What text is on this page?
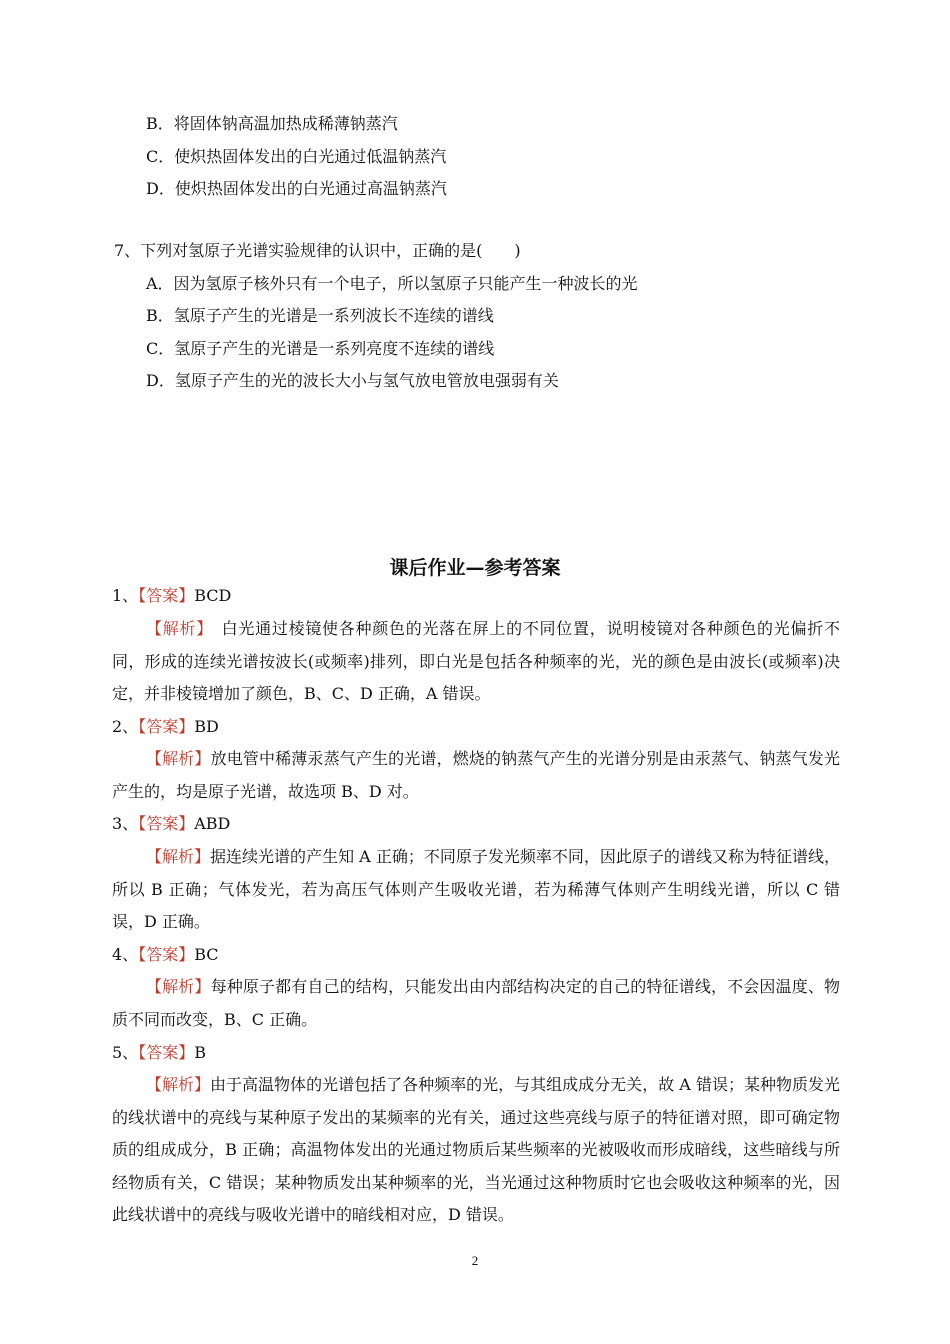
B．将固体钠高温加热成稀薄钠蒸汽
C．使炽热固体发出的白光通过低温钠蒸汽
D．使炽热固体发出的白光通过高温钠蒸汽
7、下列对氢原子光谱实验规律的认识中，正确的是(　　)
A．因为氢原子核外只有一个电子，所以氢原子只能产生一种波长的光
B．氢原子产生的光谱是一系列波长不连续的谱线
C．氢原子产生的光谱是一系列亮度不连续的谱线
D．氢原子产生的光的波长大小与氢气放电管放电强弱有关
课后作业—参考答案
1、【答案】BCD
【解析】　白光通过棱镜使各种颜色的光落在屏上的不同位置，说明棱镜对各种颜色的光偏折不同，形成的连续光谱按波长(或频率)排列，即白光是包括各种频率的光，光的颜色是由波长(或频率)决定，并非棱镜增加了颜色，B、C、D 正确，A 错误。
2、【答案】BD
【解析】放电管中稀薄汞蒸气产生的光谱，燃烧的钠蒸气产生的光谱分别是由汞蒸气、钠蒸气发光产生的，均是原子光谱，故选项 B、D 对。
3、【答案】ABD
【解析】据连续光谱的产生知 A 正确；不同原子发光频率不同，因此原子的谱线又称为特征谱线，所以 B 正确；气体发光，若为高压气体则产生吸收光谱，若为稀薄气体则产生明线光谱，所以 C 错误，D 正确。
4、【答案】BC
【解析】每种原子都有自己的结构，只能发出由内部结构决定的自己的特征谱线，不会因温度、物质不同而改变，B、C 正确。
5、【答案】B
【解析】由于高温物体的光谱包括了各种频率的光，与其组成成分无关，故 A 错误；某种物质发光的线状谱中的亮线与某种原子发出的某频率的光有关，通过这些亮线与原子的特征谱对照，即可确定物质的组成成分，B 正确；高温物体发出的光通过物质后某些频率的光被吸收而形成暗线，这些暗线与所经物质有关，C 错误；某种物质发出某种频率的光，当光通过这种物质时它也会吸收这种频率的光，因此线状谱中的亮线与吸收光谱中的暗线相对应，D 错误。
2
